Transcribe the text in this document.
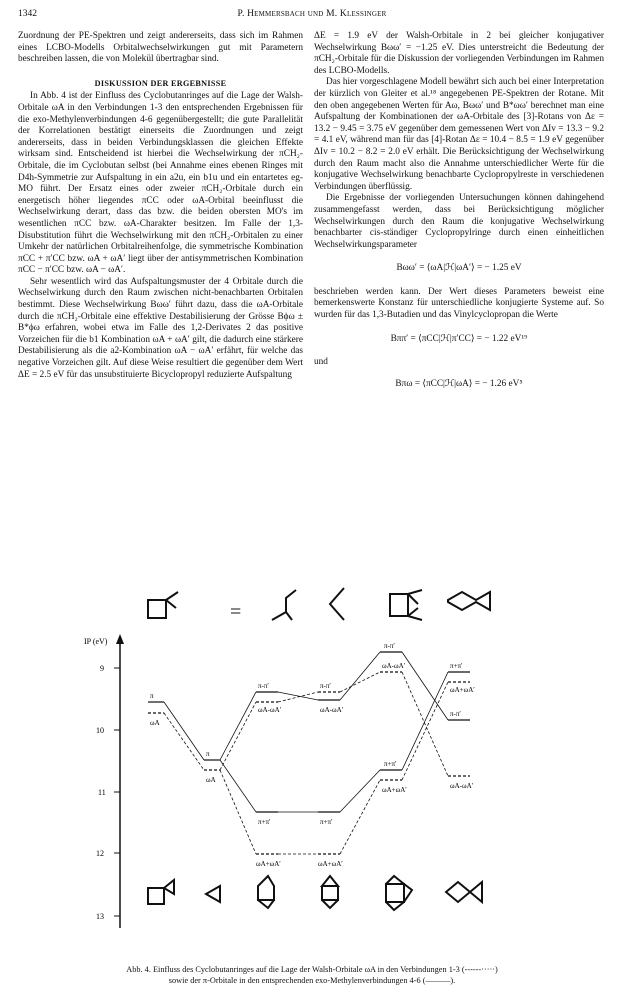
1342	P. Hemmersbach und M. Klessinger

Zuordnung der PE-Spektren und zeigt andererseits, dass sich im Rahmen eines LCBO-Modells Orbitalwechselwirkungen gut mit Parametern beschreiben lassen, die von Molekül übertragbar sind.

DISKUSSION DER ERGEBNISSE

In Abb. 4 ist der Einfluss des Cyclobutanringes auf die Lage der Walsh-Orbitale ωA in den Verbindungen 1-3 den entsprechenden Ergebnissen für die exo-Methylenverbindungen 4-6 gegenübergestellt; die gute Parallelität der Korrelationen bestätigt einerseits die Zuordnungen und zeigt andererseits, dass in beiden Verbindungsklassen die gleichen Effekte wirksam sind. Entscheidend ist hierbei die Wechselwirkung der πCH₂-Orbitale, die im Cyclobutan selbst (bei Annahme eines ebenen Ringes mit D4h-Symmetrie zur Aufspaltung in ein a2u, ein b1u und ein entartetes eg-MO führt. Der Ersatz eines oder zweier πCH₂-Orbitale durch ein energetisch höher liegendes πCC oder ωA-Orbital beeinflusst die Wechselwirkung derart, dass das bzw. die beiden obersten MO's im wesentlichen πCC bzw. ωA-Charakter besitzen. Im Falle der 1,3-Disubstitution führt die Wechselwirkung mit den πCH₂-Orbitalen zu einer Umkehr der natürlichen Orbitalreihenfolge, die symmetrische Kombination πCC + π′CC bzw. ωA + ωA′ liegt über der antisymmetrischen Kombination πCC − π′CC bzw. ωA − ωA′.

Sehr wesentlich wird das Aufspaltungsmuster der 4 Orbitale durch die Wechselwirkung durch den Raum zwischen nicht-benachbarten Orbitalen bestimmt. Diese Wechselwirkung Bωω′ führt dazu, dass die ωA-Orbitale durch die πCH₂-Orbitale eine effektive Destabilisierung der Grösse Bϕω ± B*ϕω erfahren, wobei etwa im Falle des 1,2-Derivates 2 das positive Vorzeichen für die b1 Kombination ωA + ωA′ gilt, die dadurch eine stärkere Destabilisierung als die a2-Kombination ωA − ωA′ erfährt, für welche das negative Vorzeichen gilt. Auf diese Weise resultiert die gegenüber dem Wert ΔE = 2.5 eV für das unsubstituierte Bicyclopropyl reduzierte Aufspaltung

ΔE = 1.9 eV der Walsh-Orbitale in 2 bei gleicher konjugativer Wechselwirkung Bωω′ = −1.25 eV. Dies unterstreicht die Bedeutung der πCH₂-Orbitale für die Diskussion der vorliegenden Verbindungen im Rahmen des LCBO-Modells.

Das hier vorgeschlagene Modell bewährt sich auch bei einer Interpretation der kürzlich von Gleiter et al.¹⁸ angegebenen PE-Spektren der Rotane. Mit den oben angegebenen Werten für Aω, Bωω′ und B*ωω′ berechnet man eine Aufspaltung der Kombinationen der ωA-Orbitale des [3]-Rotans von Δε = 13.2 − 9.45 = 3.75 eV gegenüber dem gemessenen Wert von ΔIv = 13.3 − 9.2 = 4.1 eV, während man für das [4]-Rotan Δε = 10.4 − 8.5 = 1.9 eV gegenüber ΔIv = 10.2 − 8.2 = 2.0 eV erhält. Die Berücksichtigung der Wechselwirkung durch den Raum macht also die Annahme unterschiedlicher Werte für die konjugative Wechselwirkung benachbarte Cyclopropylreste in verschiedenen Verbindungen überflüssig.

Die Ergebnisse der vorliegenden Untersuchungen können dahingehend zusammengefasst werden, dass bei Berücksichtigung möglicher Wechselwirkungen durch den Raum die konjugative Wechselwirkung benachbarter cis-ständiger Cyclopropylringe durch einen einheitlichen Wechselwirkungsparameter

Bωω′ = ⟨ωA|ℋ|ωA′⟩ = − 1.25 eV

beschrieben werden kann. Der Wert dieses Parameters beweist eine bemerkenswerte Konstanz für unterschiedliche konjugierte Systeme auf. So wurden für das 1,3-Butadien und das Vinylcyclopropan die Werte

Bππ′ = ⟨πCC|ℋ|π′CC⟩ = − 1.22 eV¹⁹
und
Bπω = ⟨πCC|ℋ|ωA⟩ = − 1.26 eV⁵
=
IP (eV)
9
10
11
12
13
π
ωA
π
ωA
π-π′
ωA-ωA′
π+π′
ωA+ωA′
π-π′
ωA-ωA′
π+π′
ωA+ωA′
π-π′
ωA-ωA′
π+π′
ωA+ωA′
π+π′
ωA+ωA′
π-π′
ωA-ωA′
Abb. 4. Einfluss des Cyclobutanringes auf die Lage der Walsh-Orbitale ωA in den Verbindungen 1-3 (------·····)
sowie der π-Orbitale in den entsprechenden exo-Methylenverbindungen 4-6 (———).
